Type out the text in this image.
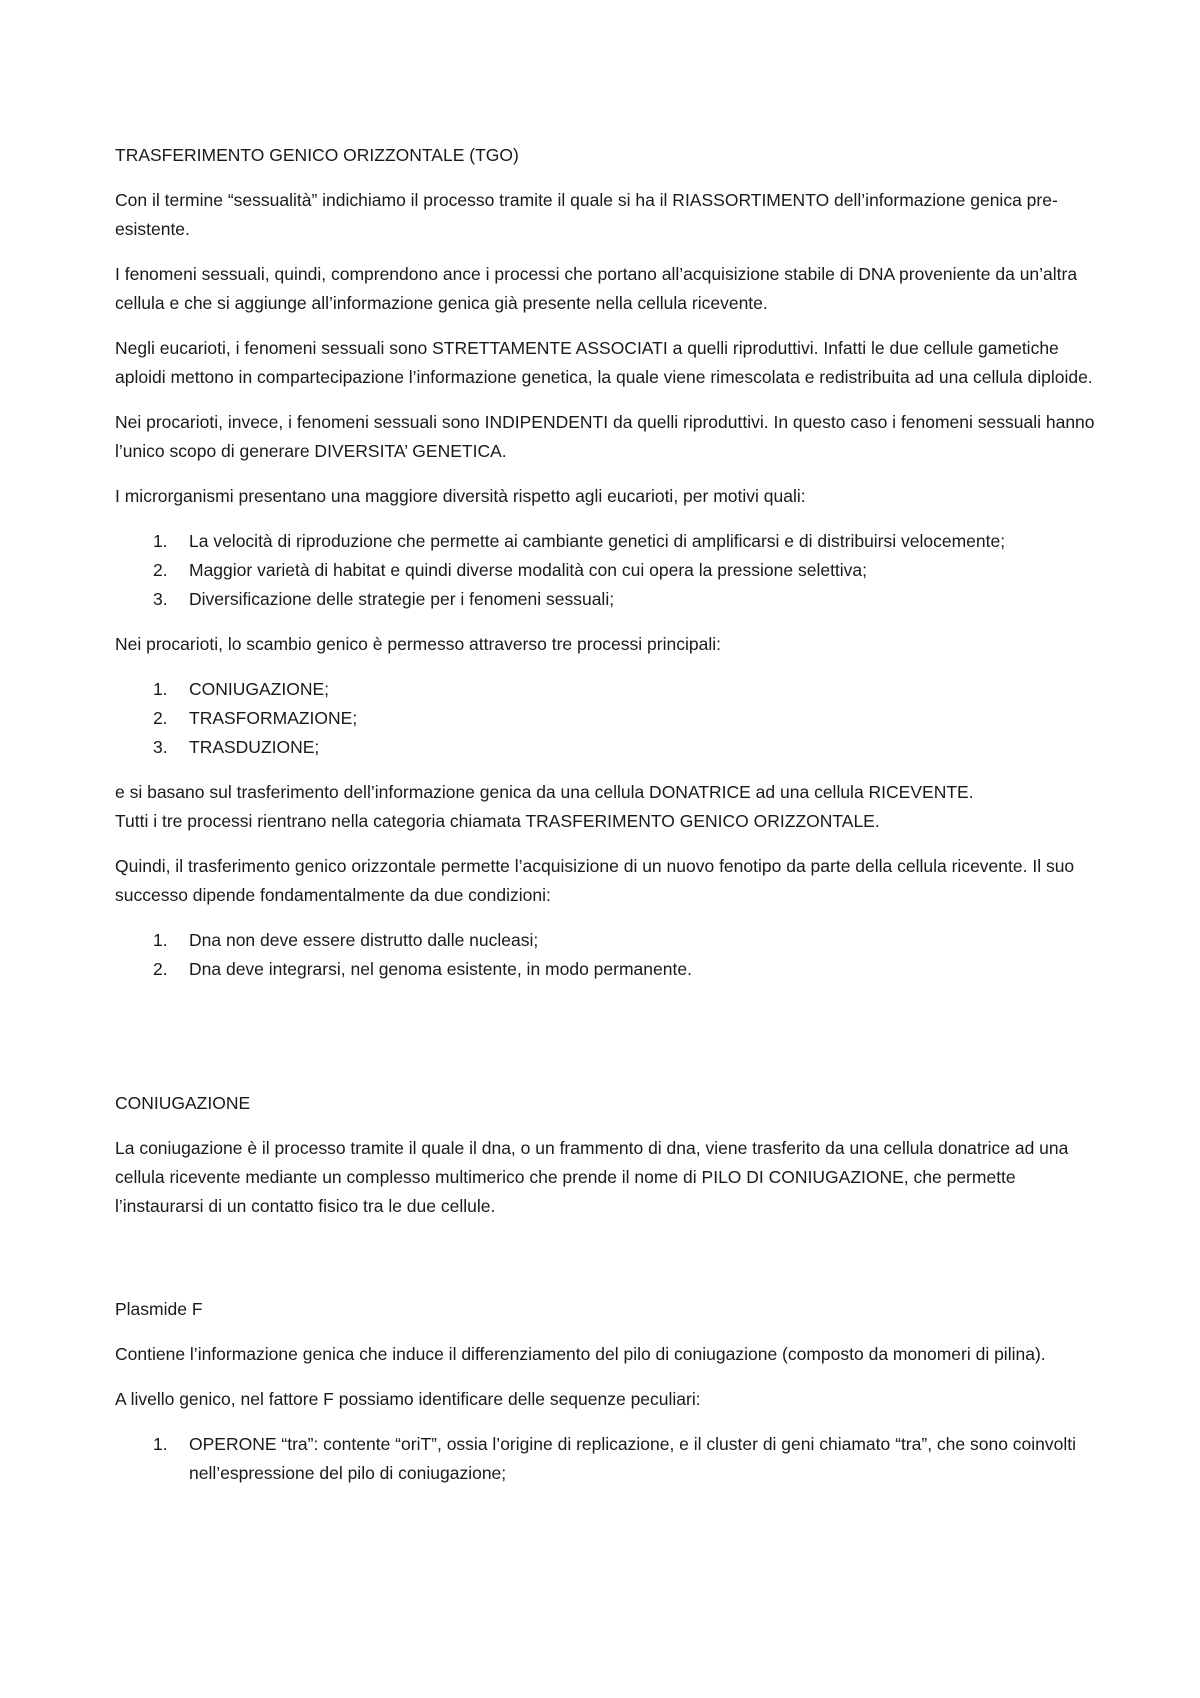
TRASFERIMENTO GENICO ORIZZONTALE (TGO)

Con il termine “sessualità” indichiamo il processo tramite il quale si ha il RIASSORTIMENTO dell’informazione genica pre-esistente.

I fenomeni sessuali, quindi, comprendono ance i processi che portano all’acquisizione stabile di DNA proveniente da un’altra cellula e che si aggiunge all’informazione genica già presente nella cellula ricevente.

Negli eucarioti, i fenomeni sessuali sono STRETTAMENTE ASSOCIATI a quelli riproduttivi. Infatti le due cellule gametiche aploidi mettono in compartecipazione l’informazione genetica, la quale viene rimescolata e redistribuita ad una cellula diploide.

Nei procarioti, invece, i fenomeni sessuali sono INDIPENDENTI da quelli riproduttivi. In questo caso i fenomeni sessuali hanno l’unico scopo di generare DIVERSITA’ GENETICA.

I microrganismi presentano una maggiore diversità rispetto agli eucarioti, per motivi quali:

1. La velocità di riproduzione che permette ai cambiante genetici di amplificarsi e di distribuirsi velocemente;
2. Maggior varietà di habitat e quindi diverse modalità con cui opera la pressione selettiva;
3. Diversificazione delle strategie per i fenomeni sessuali;

Nei procarioti, lo scambio genico è permesso attraverso tre processi principali:

1. CONIUGAZIONE;
2. TRASFORMAZIONE;
3. TRASDUZIONE;

e si basano sul trasferimento dell’informazione genica da una cellula DONATRICE ad una cellula RICEVENTE.
Tutti i tre processi rientrano nella categoria chiamata TRASFERIMENTO GENICO ORIZZONTALE.

Quindi, il trasferimento genico orizzontale permette l’acquisizione di un nuovo fenotipo da parte della cellula ricevente. Il suo successo dipende fondamentalmente da due condizioni:

1. Dna non deve essere distrutto dalle nucleasi;
2. Dna deve integrarsi, nel genoma esistente, in modo permanente.

CONIUGAZIONE

La coniugazione è il processo tramite il quale il dna, o un frammento di dna, viene trasferito da una cellula donatrice ad una cellula ricevente mediante un complesso multimerico che prende il nome di PILO DI CONIUGAZIONE, che permette l’instaurarsi di un contatto fisico tra le due cellule.

Plasmide F

Contiene l’informazione genica che induce il differenziamento del pilo di coniugazione (composto da monomeri di pilina).

A livello genico, nel fattore F possiamo identificare delle sequenze peculiari:

1. OPERONE “tra”: contente “oriT”, ossia l’origine di replicazione, e il cluster di geni chiamato “tra”, che sono coinvolti nell’espressione del pilo di coniugazione;
